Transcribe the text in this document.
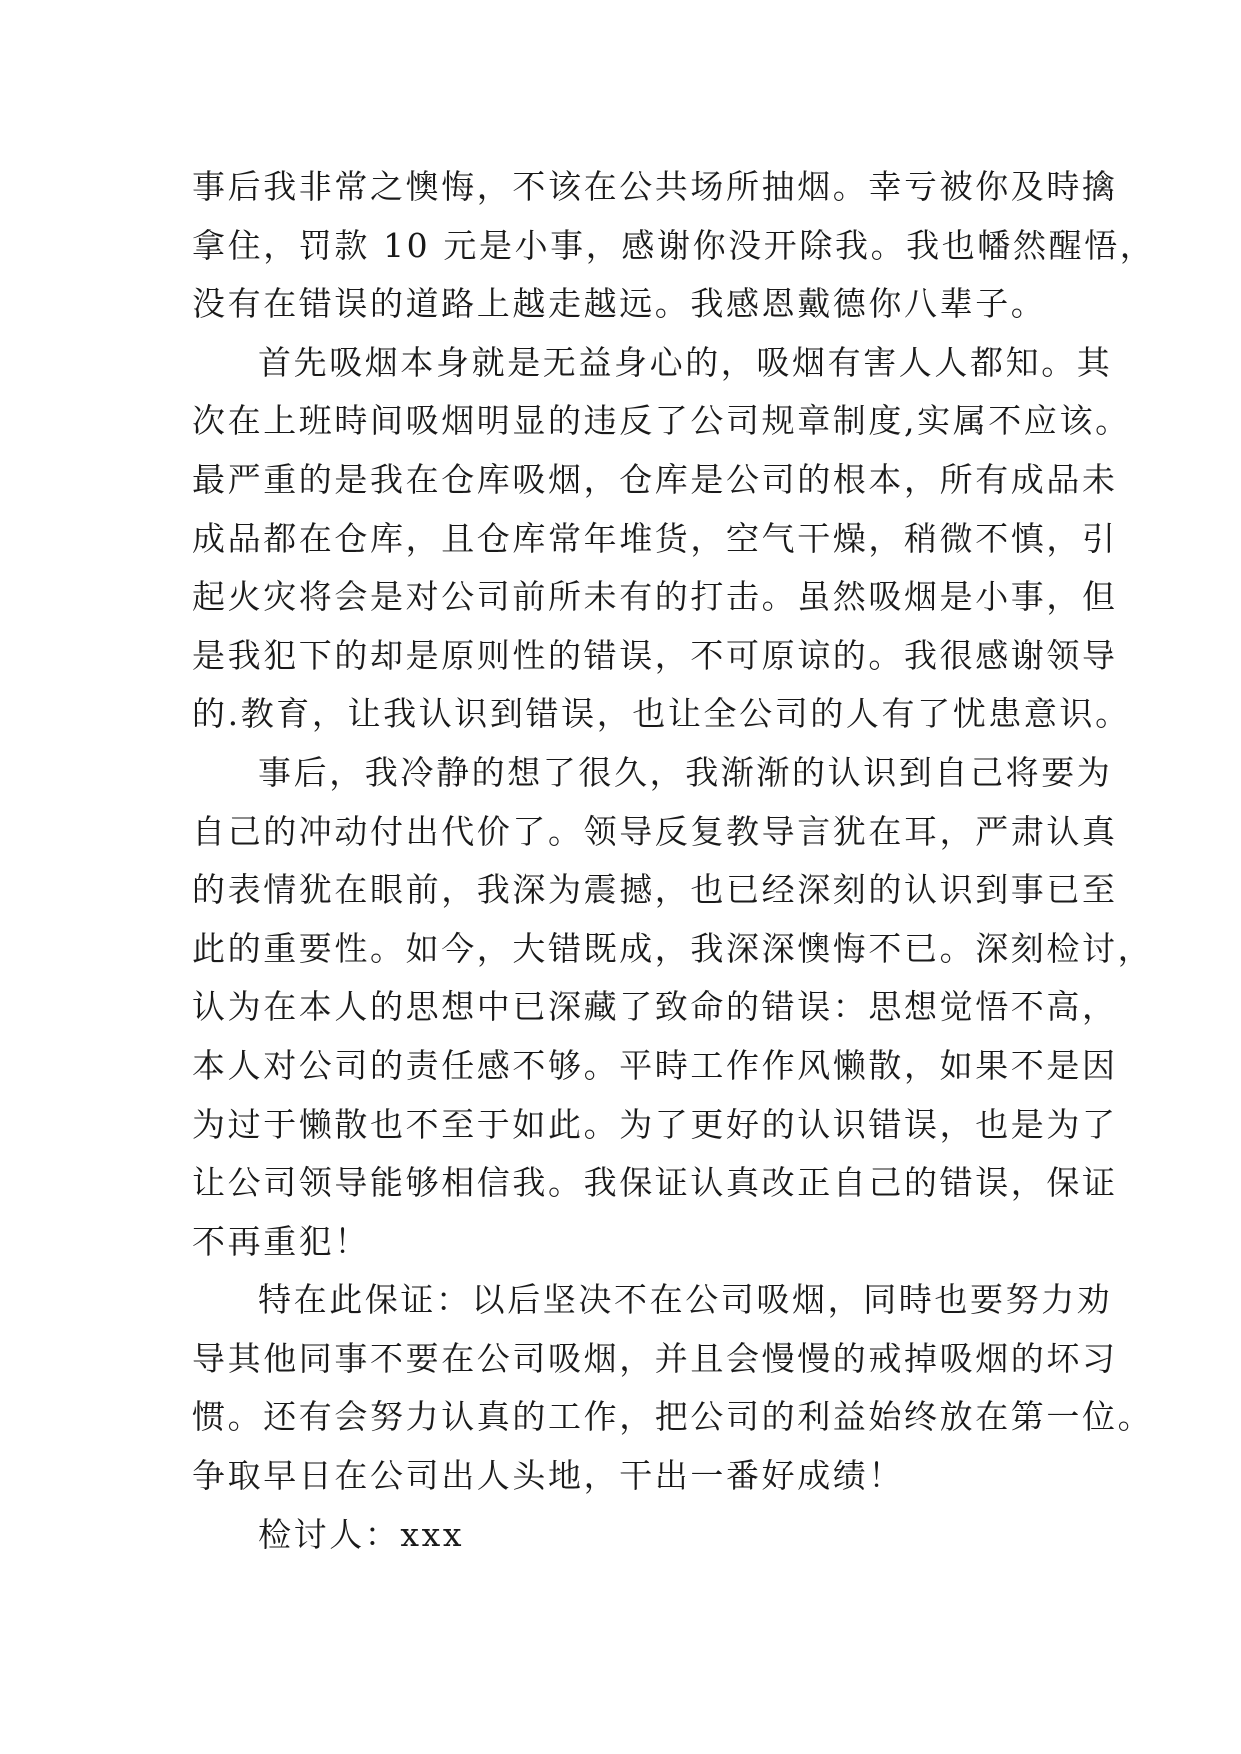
事后我非常之懊悔，不该在公共场所抽烟。幸亏被你及時擒
拿住，罚款 10 元是小事，感谢你没开除我。我也幡然醒悟，
没有在错误的道路上越走越远。我感恩戴德你八辈子。
首先吸烟本身就是无益身心的，吸烟有害人人都知。其
次在上班時间吸烟明显的违反了公司规章制度,实属不应该。
最严重的是我在仓库吸烟，仓库是公司的根本，所有成品未
成品都在仓库，且仓库常年堆货，空气干燥，稍微不慎，引
起火灾将会是对公司前所未有的打击。虽然吸烟是小事，但
是我犯下的却是原则性的错误，不可原谅的。我很感谢领导
的.教育，让我认识到错误，也让全公司的人有了忧患意识。
事后，我冷静的想了很久，我渐渐的认识到自己将要为
自己的冲动付出代价了。领导反复教导言犹在耳，严肃认真
的表情犹在眼前，我深为震撼，也已经深刻的认识到事已至
此的重要性。如今，大错既成，我深深懊悔不已。深刻检讨，
认为在本人的思想中已深藏了致命的错误：思想觉悟不高，
本人对公司的责任感不够。平時工作作风懒散，如果不是因
为过于懒散也不至于如此。为了更好的认识错误，也是为了
让公司领导能够相信我。我保证认真改正自己的错误，保证
不再重犯！
特在此保证：以后坚决不在公司吸烟，同時也要努力劝
导其他同事不要在公司吸烟，并且会慢慢的戒掉吸烟的坏习
惯。还有会努力认真的工作，把公司的利益始终放在第一位。
争取早日在公司出人头地，干出一番好成绩！
检讨人：xxx
